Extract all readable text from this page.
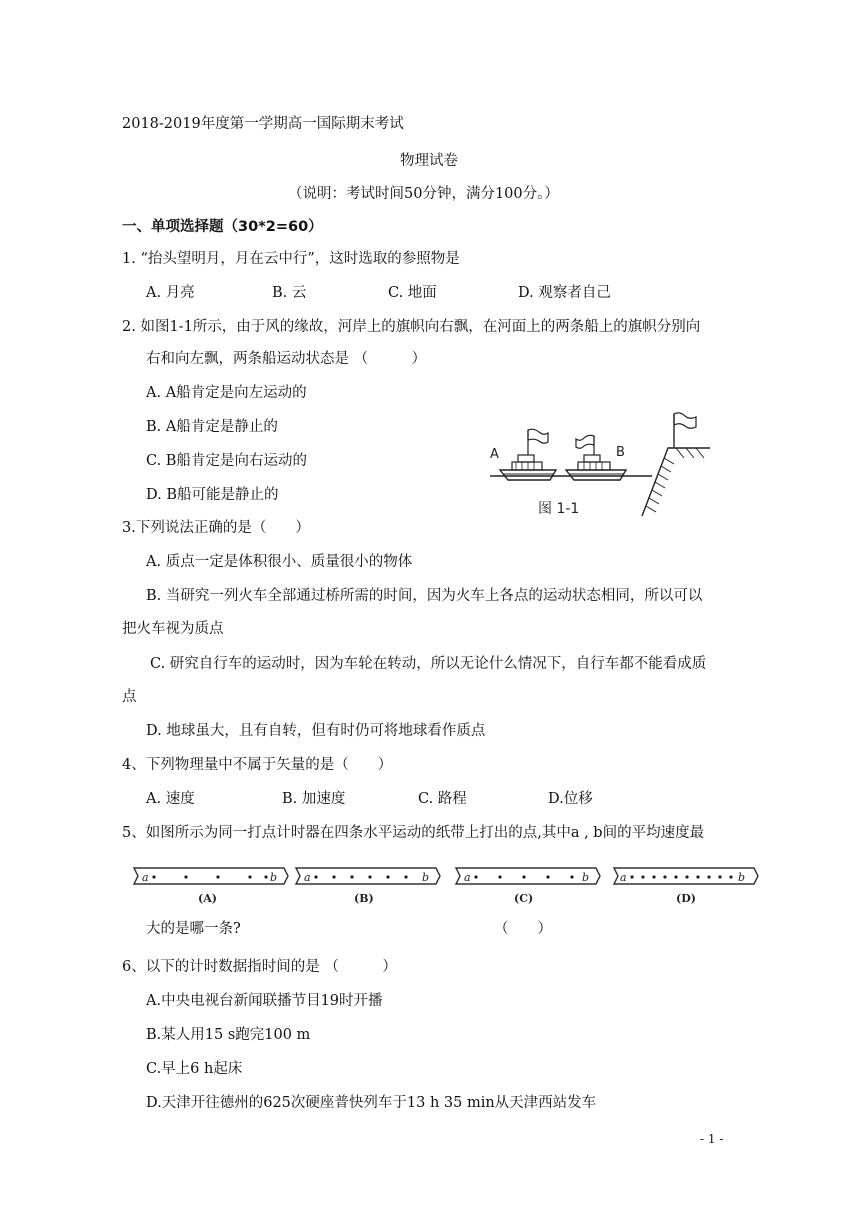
2018-2019年度第一学期高一国际期末考试
物理试卷
（说明：考试时间50分钟，满分100分。）
一、单项选择题（30*2=60）
1. “抬头望明月，月在云中行”，这时选取的参照物是
A. 月亮	B. 云	C. 地面	D. 观察者自己
2. 如图1-1所示，由于风的缘故，河岸上的旗帜向右飘，在河面上的两条船上的旗帜分别向
右和向左飘，两条船运动状态是 （　　　）
A. A船肯定是向左运动的
B. A船肯定是静止的
C. B船肯定是向右运动的
D. B船可能是静止的
A	B
图 1-1
3.下列说法正确的是（　　）
A. 质点一定是体积很小、质量很小的物体
B. 当研究一列火车全部通过桥所需的时间，因为火车上各点的运动状态相同，所以可以
把火车视为质点
C. 研究自行车的运动时，因为车轮在转动，所以无论什么情况下，自行车都不能看成质
点
D. 地球虽大，且有自转，但有时仍可将地球看作质点
4、下列物理量中不属于矢量的是（　　）
A. 速度	B. 加速度	C. 路程	D.位移
5、如图所示为同一打点计时器在四条水平运动的纸带上打出的点,其中a , b间的平均速度最
a	b
(A)
a	b
(B)
a	b
(C)
a	b
(D)
大的是哪一条?	（　　）
6、以下的计时数据指时间的是 （　　　）
A.中央电视台新闻联播节目19时开播
B.某人用15 s跑完100 m
C.早上6 h起床
D.天津开往德州的625次硬座普快列车于13 h 35 min从天津西站发车
- 1 -
